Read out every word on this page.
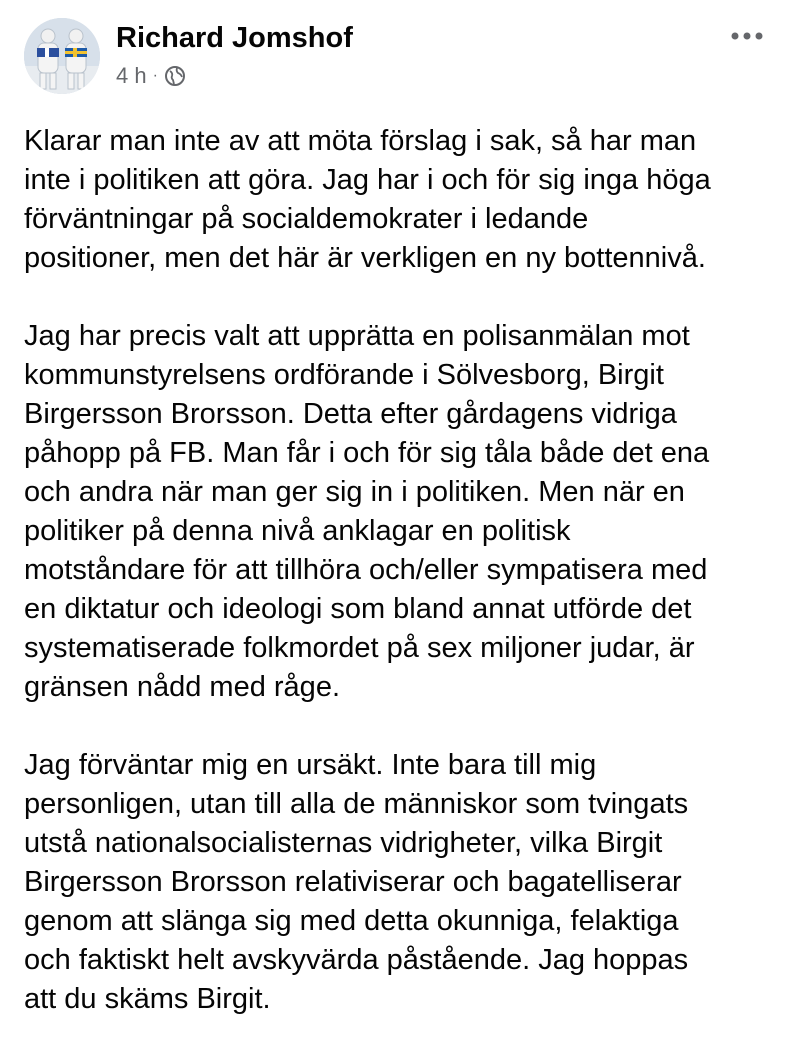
Richard Jomshof
4 h ·

Klarar man inte av att möta förslag i sak, så har man
inte i politiken att göra. Jag har i och för sig inga höga
förväntningar på socialdemokrater i ledande
positioner, men det här är verkligen en ny bottennivå.

Jag har precis valt att upprätta en polisanmälan mot
kommunstyrelsens ordförande i Sölvesborg, Birgit
Birgersson Brorsson. Detta efter gårdagens vidriga
påhopp på FB. Man får i och för sig tåla både det ena
och andra när man ger sig in i politiken. Men när en
politiker på denna nivå anklagar en politisk
motståndare för att tillhöra och/eller sympatisera med
en diktatur och ideologi som bland annat utförde det
systematiserade folkmordet på sex miljoner judar, är
gränsen nådd med råge.

Jag förväntar mig en ursäkt. Inte bara till mig
personligen, utan till alla de människor som tvingats
utstå nationalsocialisternas vidrigheter, vilka Birgit
Birgersson Brorsson relativiserar och bagatelliserar
genom att slänga sig med detta okunniga, felaktiga
och faktiskt helt avskyvärda påstående. Jag hoppas
att du skäms Birgit.
